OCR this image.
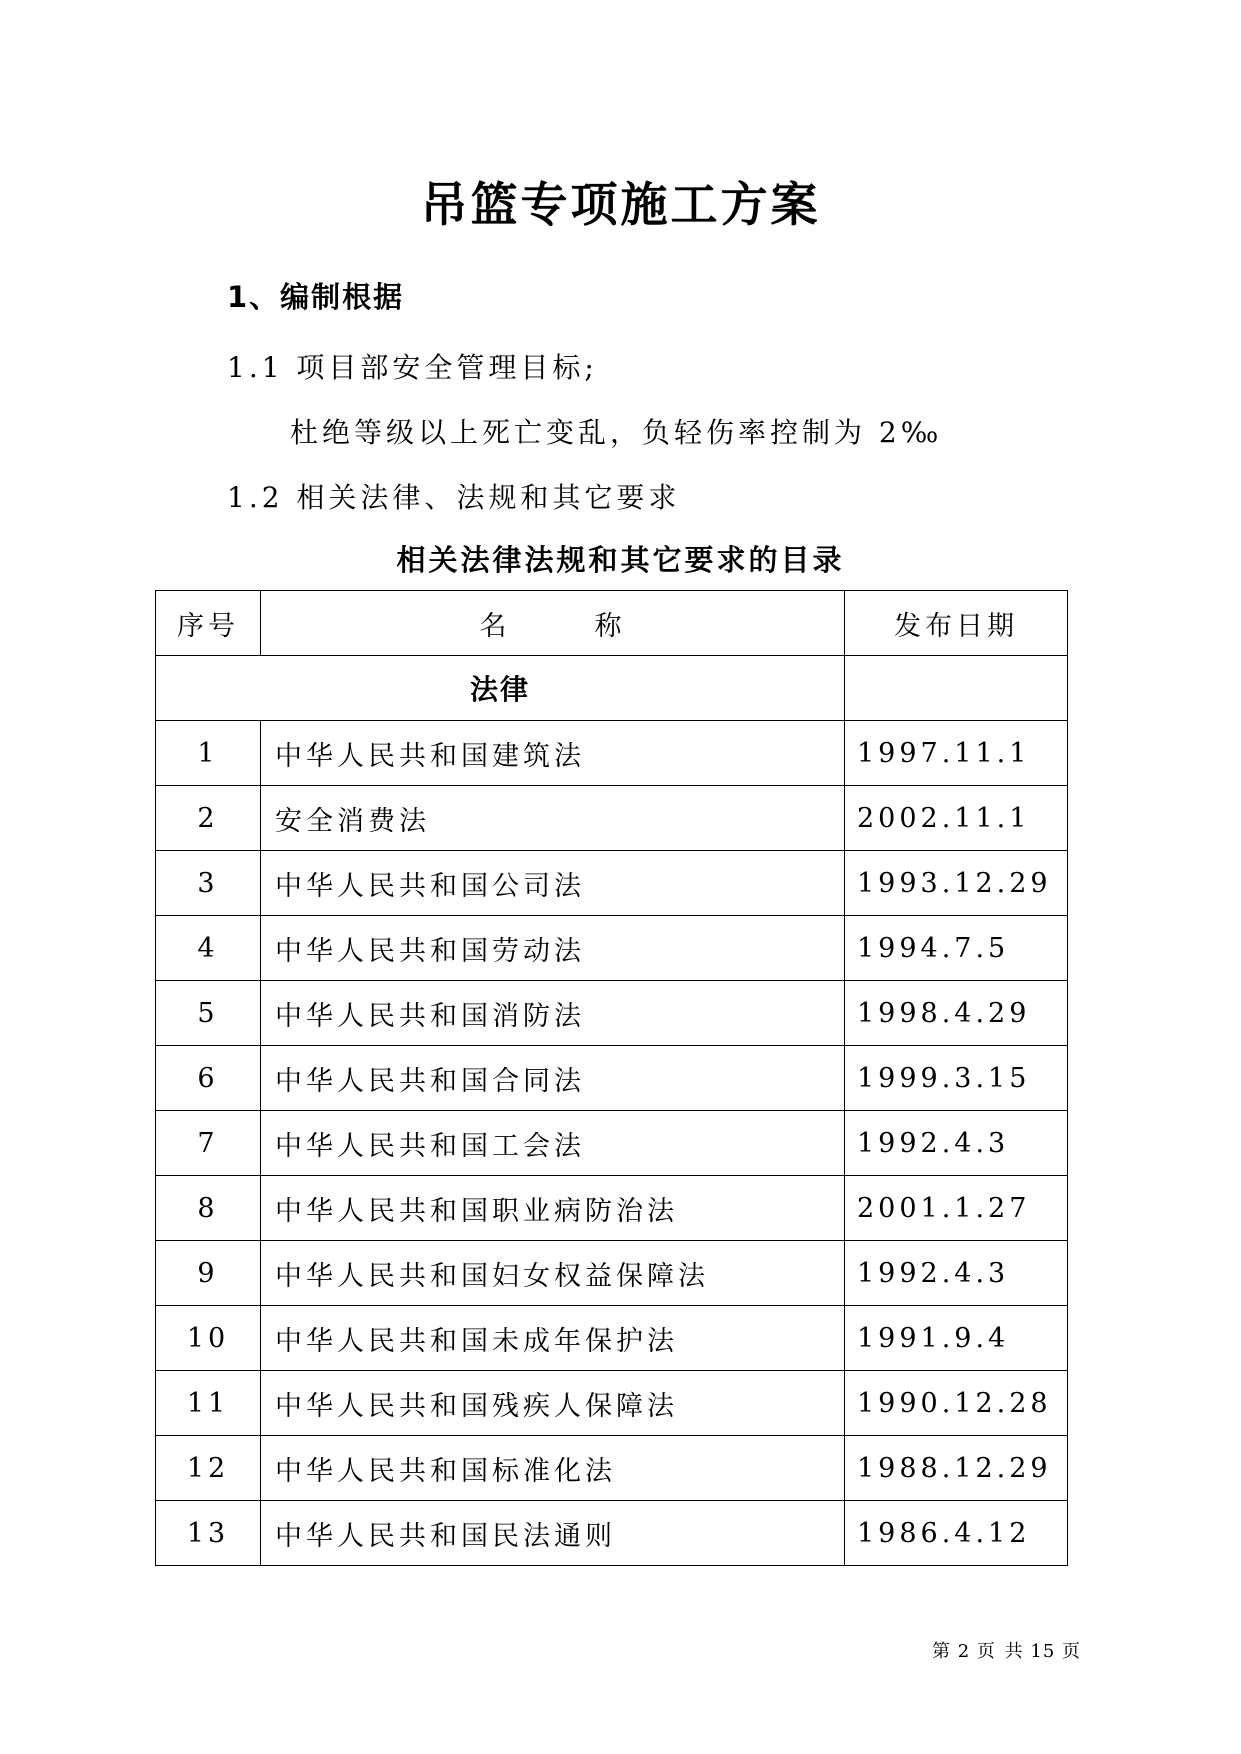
吊篮专项施工方案
1、编制根据
1.1 项目部安全管理目标;
杜绝等级以上死亡变乱，负轻伤率控制为 2‰
1.2 相关法律、法规和其它要求
相关法律法规和其它要求的目录
序号	名 称	发布日期
法律		
1	中华人民共和国建筑法	1997.11.1
2	安全消费法	2002.11.1
3	中华人民共和国公司法	1993.12.29
4	中华人民共和国劳动法	1994.7.5
5	中华人民共和国消防法	1998.4.29
6	中华人民共和国合同法	1999.3.15
7	中华人民共和国工会法	1992.4.3
8	中华人民共和国职业病防治法	2001.1.27
9	中华人民共和国妇女权益保障法	1992.4.3
10	中华人民共和国未成年保护法	1991.9.4
11	中华人民共和国残疾人保障法	1990.12.28
12	中华人民共和国标准化法	1988.12.29
13	中华人民共和国民法通则	1986.4.12
第 2 页 共 15 页
